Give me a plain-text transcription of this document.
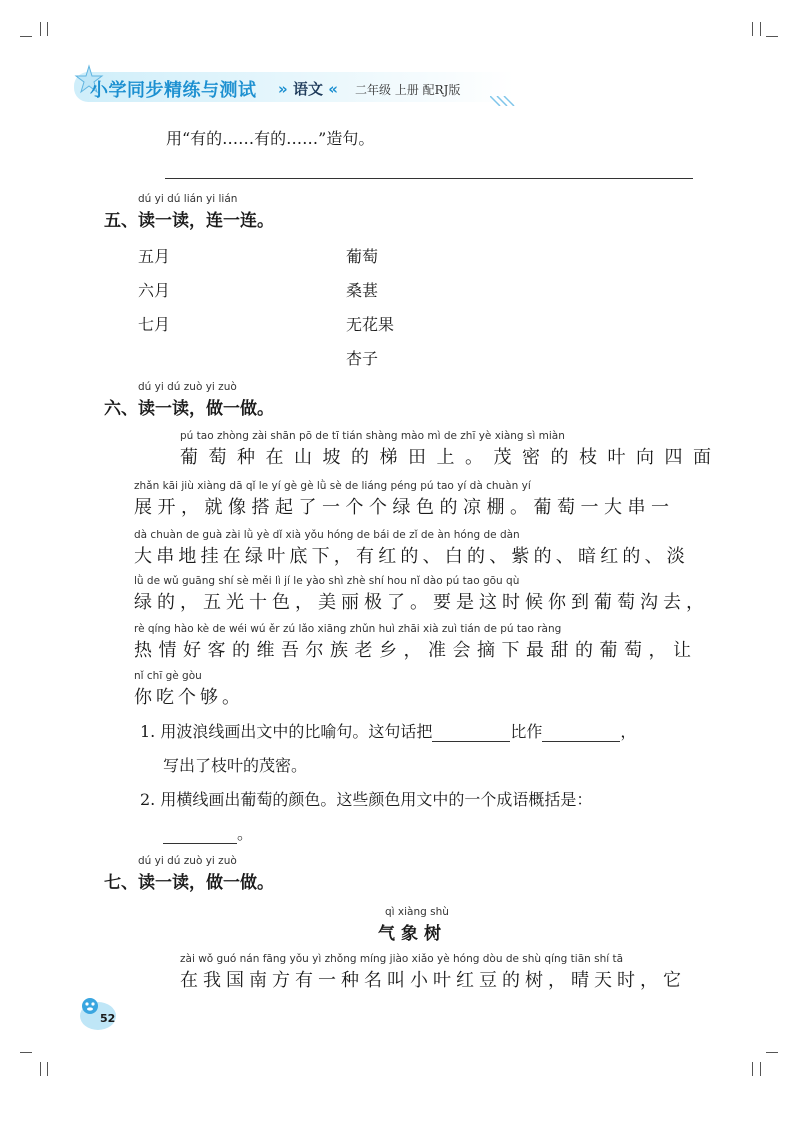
小学同步精练与测试 » 语文 « 二年级 上册 配RJ版
用“有的……有的……”造句。
dú yi dú lián yi lián
五、读一读，连一连。
五月
六月
七月
葡萄
桑葚
无花果
杏子
dú yi dú zuò yi zuò
六、读一读，做一做。
pú tao zhòng zài shān pō de tī tián shàng mào mì de zhī yè xiàng sì miàn
葡萄种在山坡的梯田上。茂密的枝叶向四面
zhǎn kāi jiù xiàng dā qǐ le yí gè gè lǜ sè de liáng péng pú tao yí dà chuàn yí
展开，就像搭起了一个个绿色的凉棚。葡萄一大串一
dà chuàn de guà zài lǜ yè dǐ xià yǒu hóng de bái de zǐ de àn hóng de dàn
大串地挂在绿叶底下，有红的、白的、紫的、暗红的、淡
lǜ de wǔ guāng shí sè měi lì jí le yào shì zhè shí hou nǐ dào pú tao gōu qù
绿的，五光十色，美丽极了。要是这时候你到葡萄沟去，
rè qíng hào kè de wéi wú ěr zú lǎo xiāng zhǔn huì zhāi xià zuì tián de pú tao ràng
热情好客的维吾尔族老乡，准会摘下最甜的葡萄，让
nǐ chī gè gòu
你吃个够。
1. 用波浪线画出文中的比喻句。这句话把	比作	，
写出了枝叶的茂密。
2. 用横线画出葡萄的颜色。这些颜色用文中的一个成语概括是：
。
dú yi dú zuò yi zuò
七、读一读，做一做。
qì xiàng shù
气象树
zài wǒ guó nán fāng yǒu yì zhǒng míng jiào xiǎo yè hóng dòu de shù qíng tiān shí tā
在我国南方有一种名叫小叶红豆的树，晴天时，它
52
